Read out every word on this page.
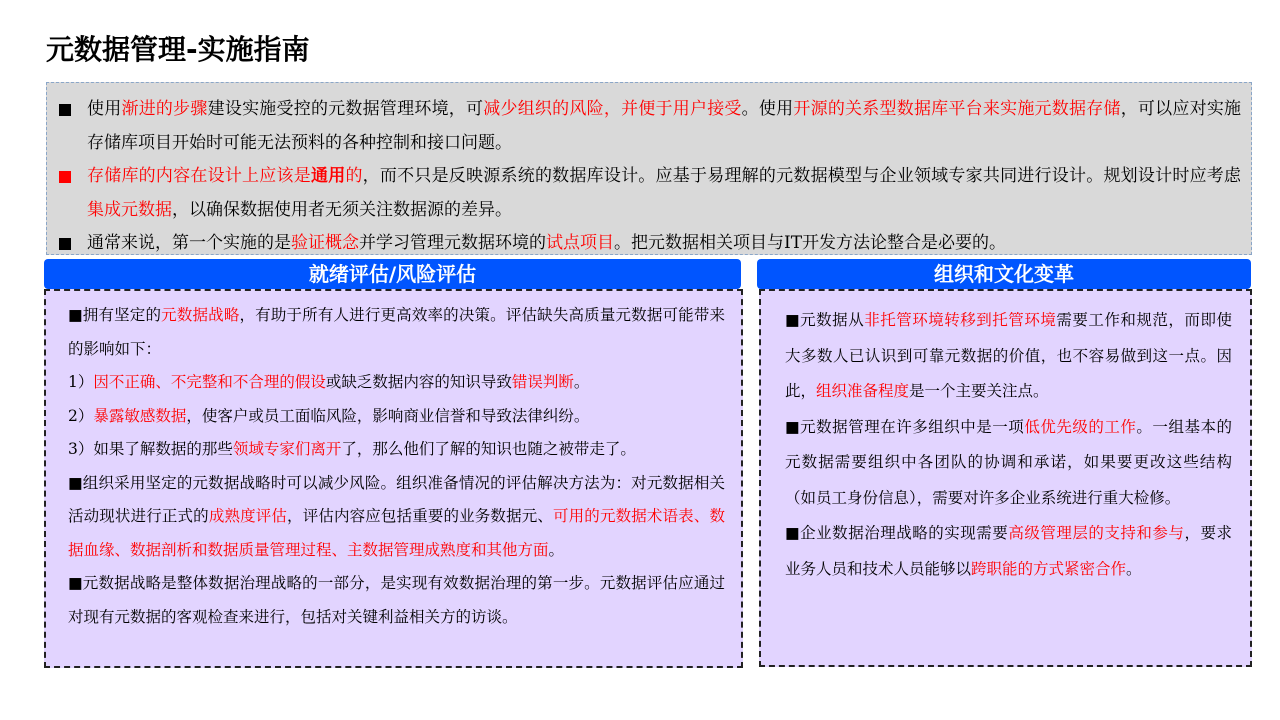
元数据管理-实施指南
使用渐进的步骤建设实施受控的元数据管理环境，可减少组织的风险，并便于用户接受。使用开源的关系型数据库平台来实施元数据存储，可以应对实施存储库项目开始时可能无法预料的各种控制和接口问题。
存储库的内容在设计上应该是通用的，而不只是反映源系统的数据库设计。应基于易理解的元数据模型与企业领域专家共同进行设计。规划设计时应考虑集成元数据，以确保数据使用者无须关注数据源的差异。
通常来说，第一个实施的是验证概念并学习管理元数据环境的试点项目。把元数据相关项目与IT开发方法论整合是必要的。
就绪评估/风险评估
■拥有坚定的元数据战略，有助于所有人进行更高效率的决策。评估缺失高质量元数据可能带来的影响如下：
1）因不正确、不完整和不合理的假设或缺乏数据内容的知识导致错误判断。
2）暴露敏感数据，使客户或员工面临风险，影响商业信誉和导致法律纠纷。
3）如果了解数据的那些领域专家们离开了，那么他们了解的知识也随之被带走了。
■组织采用坚定的元数据战略时可以减少风险。组织准备情况的评估解决方法为：对元数据相关活动现状进行正式的成熟度评估，评估内容应包括重要的业务数据元、可用的元数据术语表、数据血缘、数据剖析和数据质量管理过程、主数据管理成熟度和其他方面。
■元数据战略是整体数据治理战略的一部分，是实现有效数据治理的第一步。元数据评估应通过对现有元数据的客观检查来进行，包括对关键利益相关方的访谈。
组织和文化变革
■元数据从非托管环境转移到托管环境需要工作和规范，而即使大多数人已认识到可靠元数据的价值，也不容易做到这一点。因此，组织准备程度是一个主要关注点。
■元数据管理在许多组织中是一项低优先级的工作。一组基本的元数据需要组织中各团队的协调和承诺，如果要更改这些结构（如员工身份信息），需要对许多企业系统进行重大检修。
■企业数据治理战略的实现需要高级管理层的支持和参与，要求业务人员和技术人员能够以跨职能的方式紧密合作。
